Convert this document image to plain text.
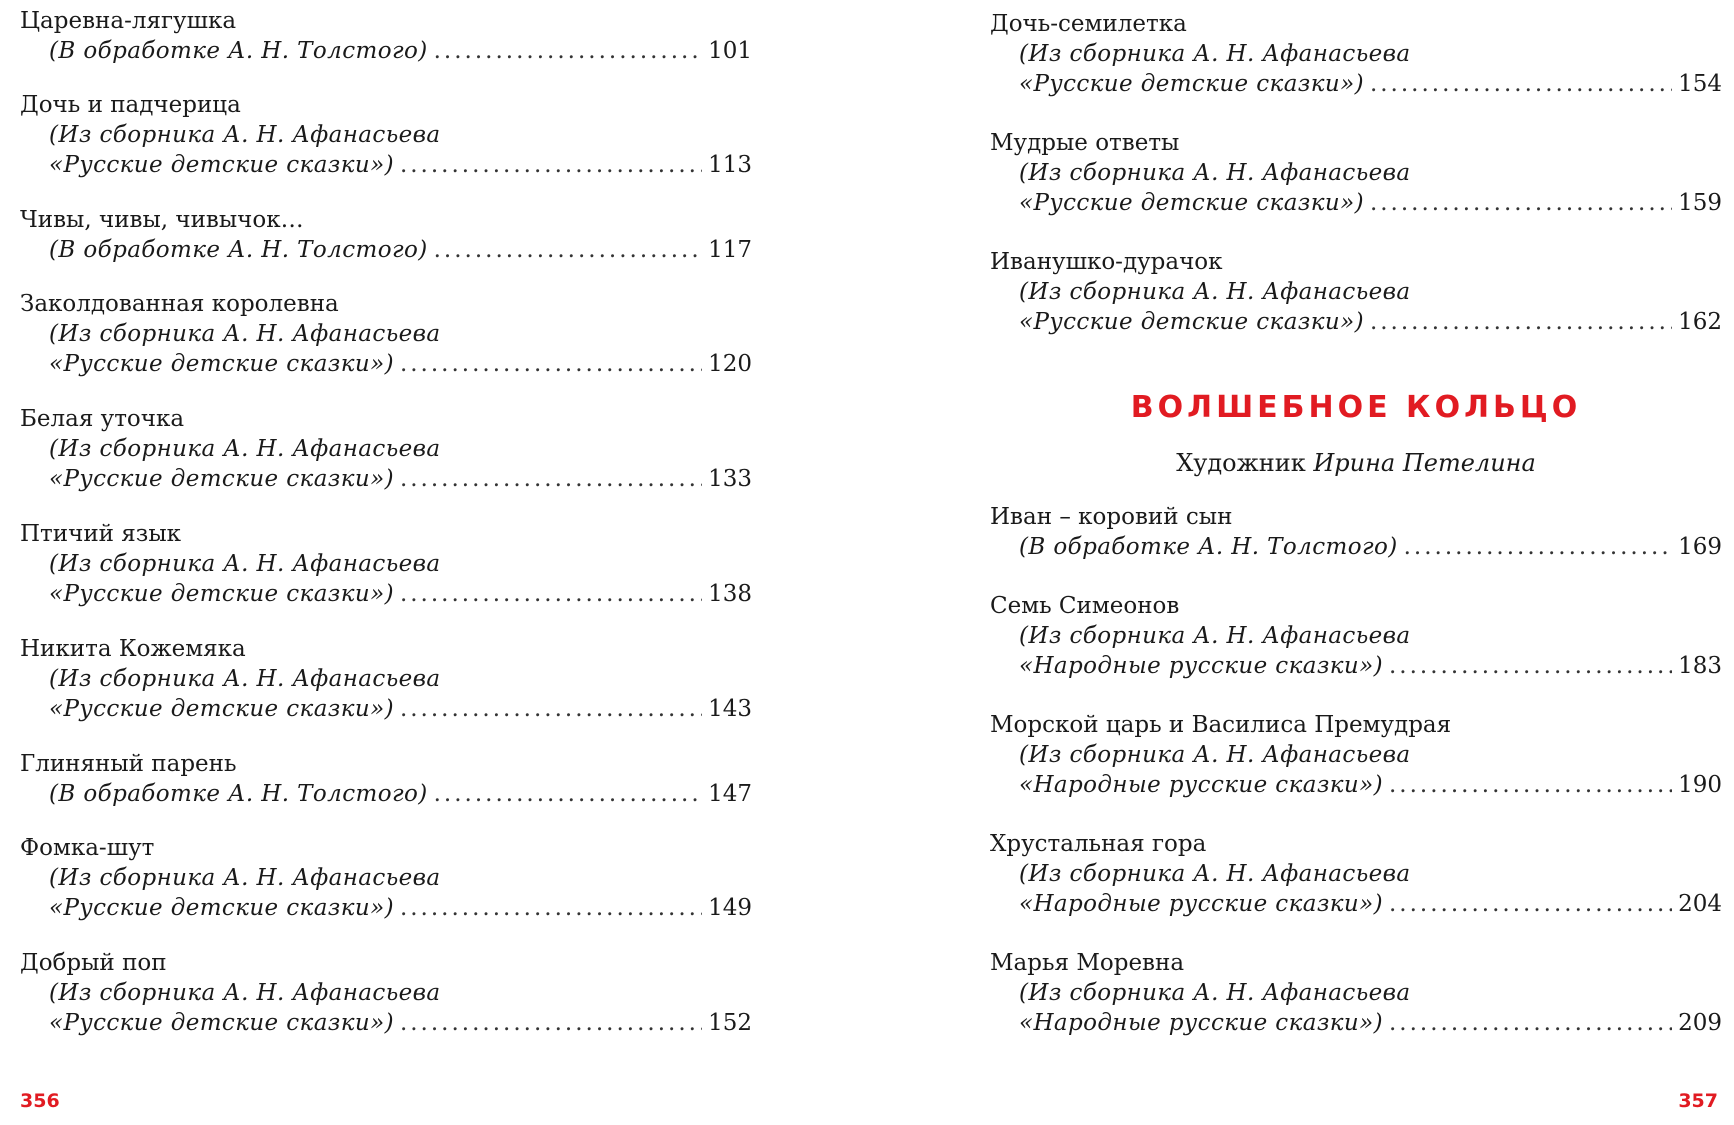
Царевна-лягушка
(В обработке А. Н. Толстого) .....	101
Дочь и падчерица
(Из сборника А. Н. Афанасьева
«Русские детские сказки») .....	113
Чивы, чивы, чивычок…
(В обработке А. Н. Толстого) .....	117
Заколдованная королевна
(Из сборника А. Н. Афанасьева
«Русские детские сказки») .....	120
Белая уточка
(Из сборника А. Н. Афанасьева
«Русские детские сказки») .....	133
Птичий язык
(Из сборника А. Н. Афанасьева
«Русские детские сказки») .....	138
Никита Кожемяка
(Из сборника А. Н. Афанасьева
«Русские детские сказки») .....	143
Глиняный парень
(В обработке А. Н. Толстого) .....	147
Фомка-шут
(Из сборника А. Н. Афанасьева
«Русские детские сказки») .....	149
Добрый поп
(Из сборника А. Н. Афанасьева
«Русские детские сказки») .....	152
Дочь-семилетка
(Из сборника А. Н. Афанасьева
«Русские детские сказки») .....	154
Мудрые ответы
(Из сборника А. Н. Афанасьева
«Русские детские сказки») .....	159
Иванушко-дурачок
(Из сборника А. Н. Афанасьева
«Русские детские сказки») .....	162
ВОЛШЕБНОЕ КОЛЬЦО
Художник Ирина Петелина
Иван – коровий сын
(В обработке А. Н. Толстого) .....	169
Семь Симеонов
(Из сборника А. Н. Афанасьева
«Народные русские сказки») .....	183
Морской царь и Василиса Премудрая
(Из сборника А. Н. Афанасьева
«Народные русские сказки») .....	190
Хрустальная гора
(Из сборника А. Н. Афанасьева
«Народные русские сказки») .....	204
Марья Моревна
(Из сборника А. Н. Афанасьева
«Народные русские сказки») .....	209
356	357
